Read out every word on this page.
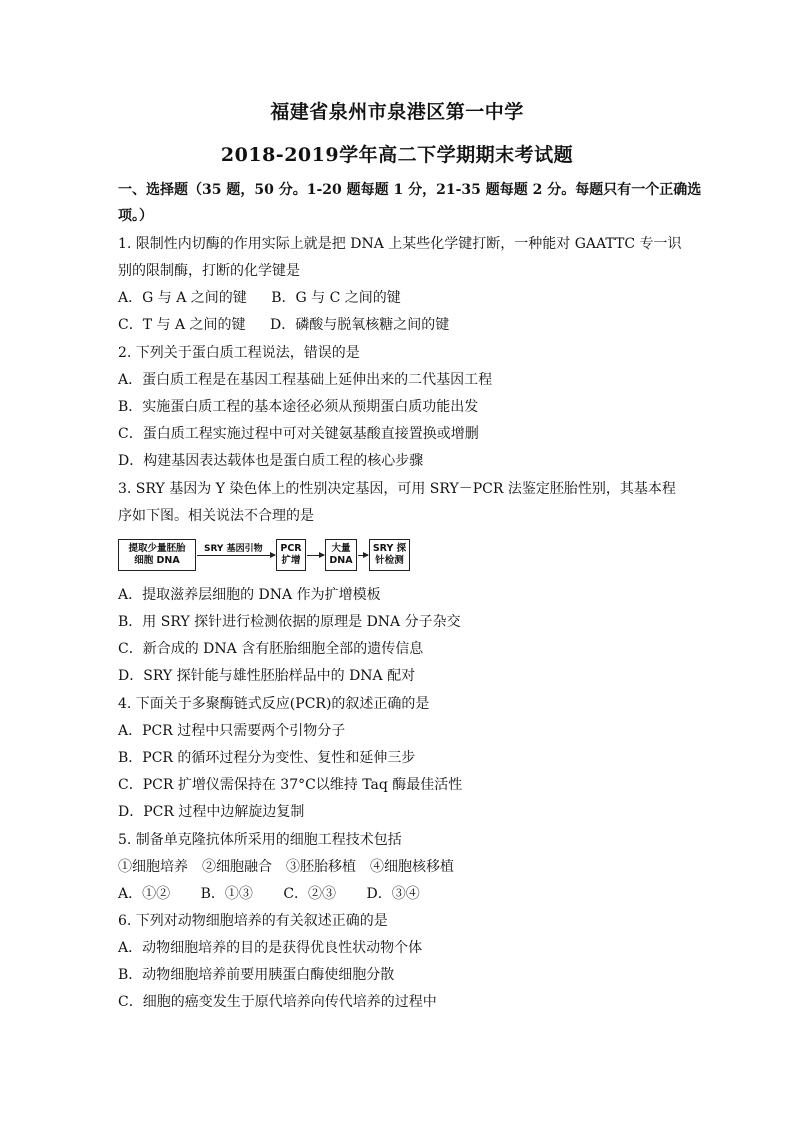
福建省泉州市泉港区第一中学
2018-2019学年高二下学期期末考试题
一、选择题（35 题，50 分。1-20 题每题 1 分，21-35 题每题 2 分。每题只有一个正确选
项。）
1. 限制性内切酶的作用实际上就是把 DNA 上某些化学键打断，一种能对 GAATTC 专一识
别的限制酶，打断的化学键是
A．G 与 A 之间的键 B．G 与 C 之间的键
C．T 与 A 之间的键 D．磷酸与脱氧核糖之间的键
2. 下列关于蛋白质工程说法，错误的是
A．蛋白质工程是在基因工程基础上延伸出来的二代基因工程
B．实施蛋白质工程的基本途径必须从预期蛋白质功能出发
C．蛋白质工程实施过程中可对关键氨基酸直接置换或增删
D．构建基因表达载体也是蛋白质工程的核心步骤
3. SRY 基因为 Y 染色体上的性别决定基因，可用 SRY－PCR 法鉴定胚胎性别，其基本程
序如下图。相关说法不合理的是
提取少量胚胎
细胞 DNA
SRY 基因引物 PCR
扩增
大量
DNA
SRY 探
针检测
A．提取滋养层细胞的 DNA 作为扩增模板
B．用 SRY 探针进行检测依据的原理是 DNA 分子杂交
C．新合成的 DNA 含有胚胎细胞全部的遗传信息
D．SRY 探针能与雄性胚胎样品中的 DNA 配对
4. 下面关于多聚酶链式反应(PCR)的叙述正确的是
A．PCR 过程中只需要两个引物分子
B．PCR 的循环过程分为变性、复性和延伸三步
C．PCR 扩增仪需保持在 37°C以维持 Taq 酶最佳活性
D．PCR 过程中边解旋边复制
5. 制备单克隆抗体所采用的细胞工程技术包括
①细胞培养　②细胞融合　③胚胎移植　④细胞核移植
A．①② B．①③ C．②③ D．③④
6. 下列对动物细胞培养的有关叙述正确的是
A．动物细胞培养的目的是获得优良性状动物个体
B．动物细胞培养前要用胰蛋白酶使细胞分散
C．细胞的癌变发生于原代培养向传代培养的过程中
